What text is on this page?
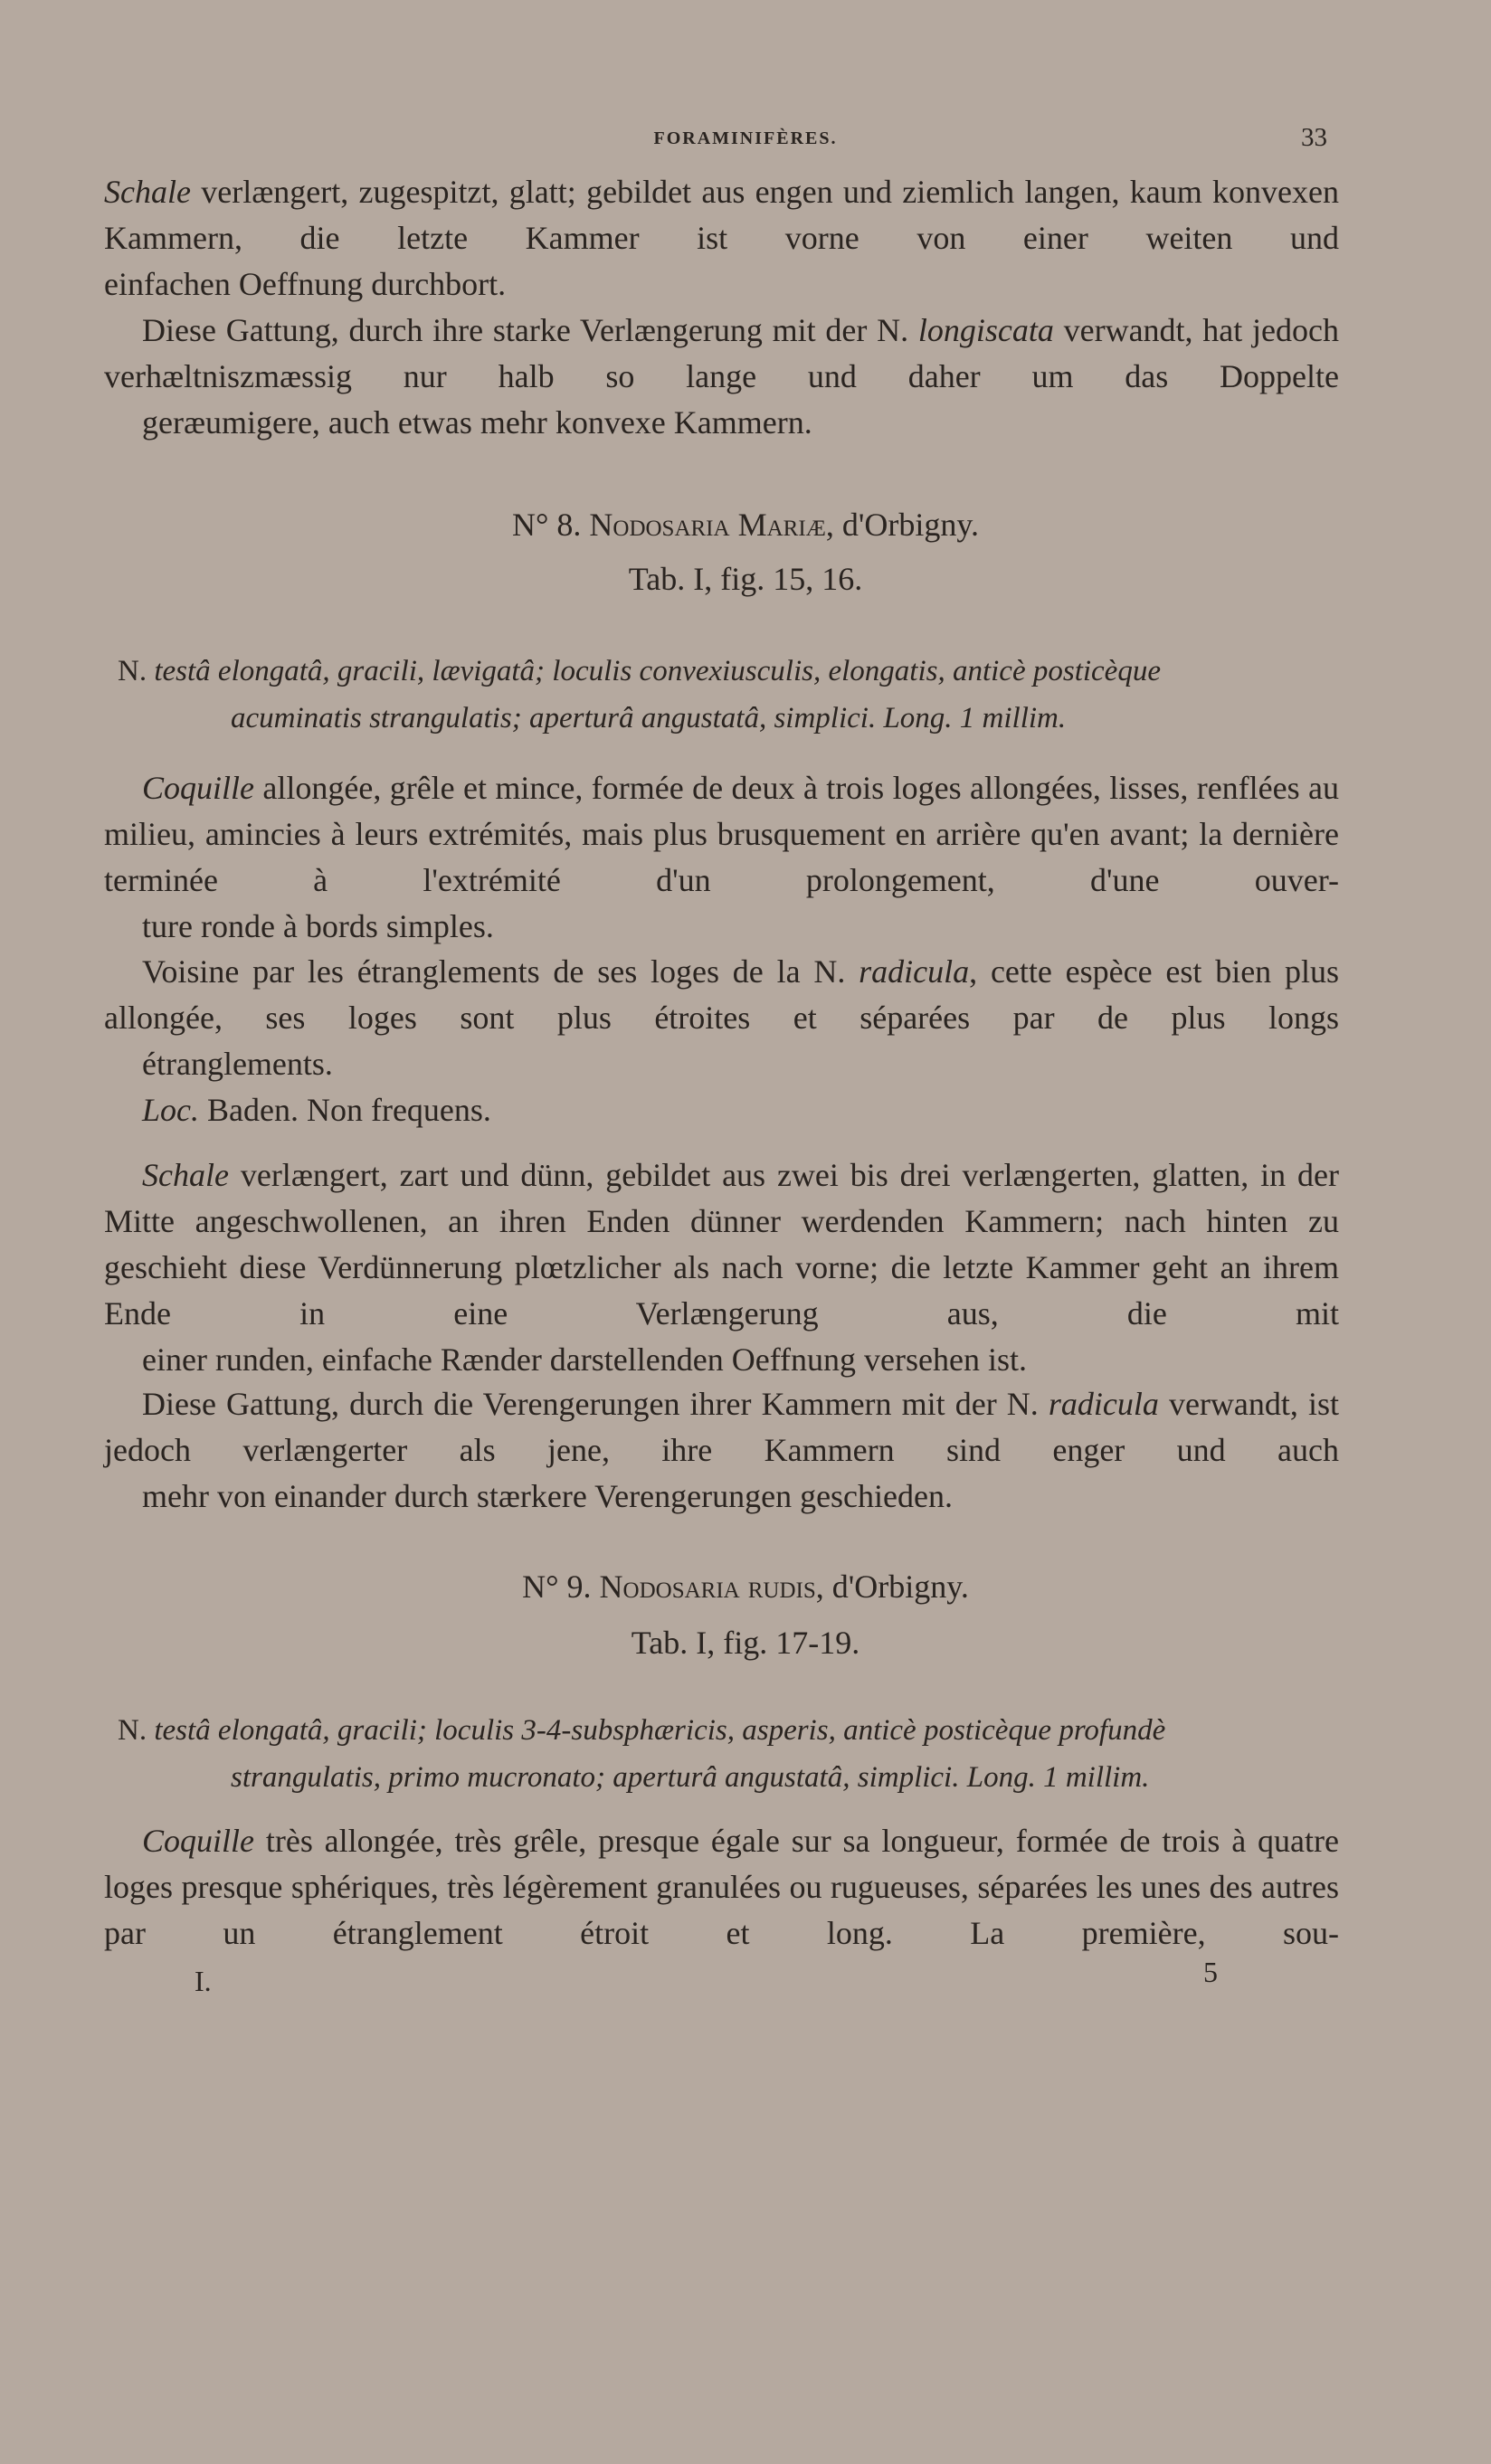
FORAMINIFÈRES.	33

Schale verlængert, zugespitzt, glatt; gebildet aus engen und ziemlich langen, kaum konvexen Kammern, die letzte Kammer ist vorne von einer weiten und
einfachen Oeffnung durchbort.

Diese Gattung, durch ihre starke Verlængerung mit der N. longiscata verwandt, hat jedoch verhæltniszmæssig nur halb so lange und daher um das Doppelte
geræumigere, auch etwas mehr konvexe Kammern.

N° 8. Nodosaria Mariæ, d'Orbigny.
Tab. I, fig. 15, 16.

N. testâ elongatâ, gracili, lævigatâ; loculis convexiusculis, elongatis, anticè posticèque
acuminatis strangulatis; aperturâ angustatâ, simplici. Long. 1 millim.

Coquille allongée, grêle et mince, formée de deux à trois loges allongées, lisses, renflées au milieu, amincies à leurs extrémités, mais plus brusquement en arrière qu'en avant; la dernière terminée à l'extrémité d'un prolongement, d'une ouver-
ture ronde à bords simples.

Voisine par les étranglements de ses loges de la N. radicula, cette espèce est bien plus allongée, ses loges sont plus étroites et séparées par de plus longs
étranglements.

Loc. Baden. Non frequens.

Schale verlængert, zart und dünn, gebildet aus zwei bis drei verlængerten, glatten, in der Mitte angeschwollenen, an ihren Enden dünner werdenden Kammern; nach hinten zu geschieht diese Verdünnerung plœtzlicher als nach vorne; die letzte Kammer geht an ihrem Ende in eine Verlængerung aus, die mit
einer runden, einfache Rænder darstellenden Oeffnung versehen ist.

Diese Gattung, durch die Verengerungen ihrer Kammern mit der N. radicula verwandt, ist jedoch verlængerter als jene, ihre Kammern sind enger und auch
mehr von einander durch stærkere Verengerungen geschieden.

N° 9. Nodosaria rudis, d'Orbigny.
Tab. I, fig. 17-19.

N. testâ elongatâ, gracili; loculis 3-4-subsphæricis, asperis, anticè posticèque profundè
strangulatis, primo mucronato; aperturâ angustatâ, simplici. Long. 1 millim.

Coquille très allongée, très grêle, presque égale sur sa longueur, formée de trois à quatre loges presque sphériques, très légèrement granulées ou rugueuses, séparées les unes des autres par un étranglement étroit et long. La première, sou-

I.	5
